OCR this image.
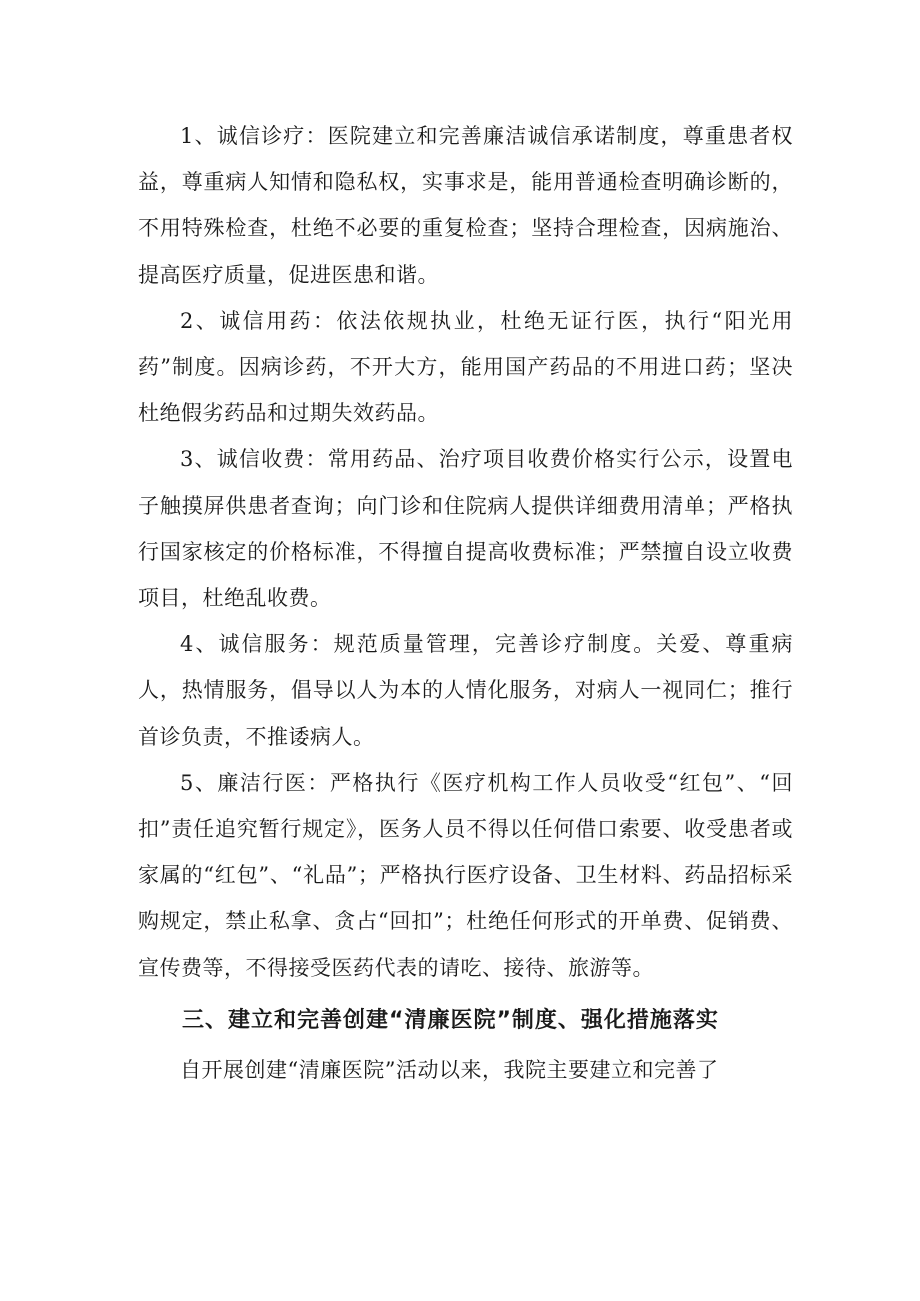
1、诚信诊疗：医院建立和完善廉洁诚信承诺制度，尊重患者权益，尊重病人知情和隐私权，实事求是，能用普通检查明确诊断的，不用特殊检查，杜绝不必要的重复检查；坚持合理检查，因病施治、提高医疗质量，促进医患和谐。

2、诚信用药：依法依规执业，杜绝无证行医，执行“阳光用药”制度。因病诊药，不开大方，能用国产药品的不用进口药；坚决杜绝假劣药品和过期失效药品。

3、诚信收费：常用药品、治疗项目收费价格实行公示，设置电子触摸屏供患者查询；向门诊和住院病人提供详细费用清单；严格执行国家核定的价格标准，不得擅自提高收费标准；严禁擅自设立收费项目，杜绝乱收费。

4、诚信服务：规范质量管理，完善诊疗制度。关爱、尊重病人，热情服务，倡导以人为本的人情化服务，对病人一视同仁；推行首诊负责，不推诿病人。

5、廉洁行医：严格执行《医疗机构工作人员收受“红包”、“回扣”责任追究暂行规定》，医务人员不得以任何借口索要、收受患者或家属的“红包”、“礼品”；严格执行医疗设备、卫生材料、药品招标采购规定，禁止私拿、贪占“回扣”；杜绝任何形式的开单费、促销费、宣传费等，不得接受医药代表的请吃、接待、旅游等。

三、建立和完善创建“清廉医院”制度、强化措施落实

自开展创建“清廉医院”活动以来，我院主要建立和完善了
